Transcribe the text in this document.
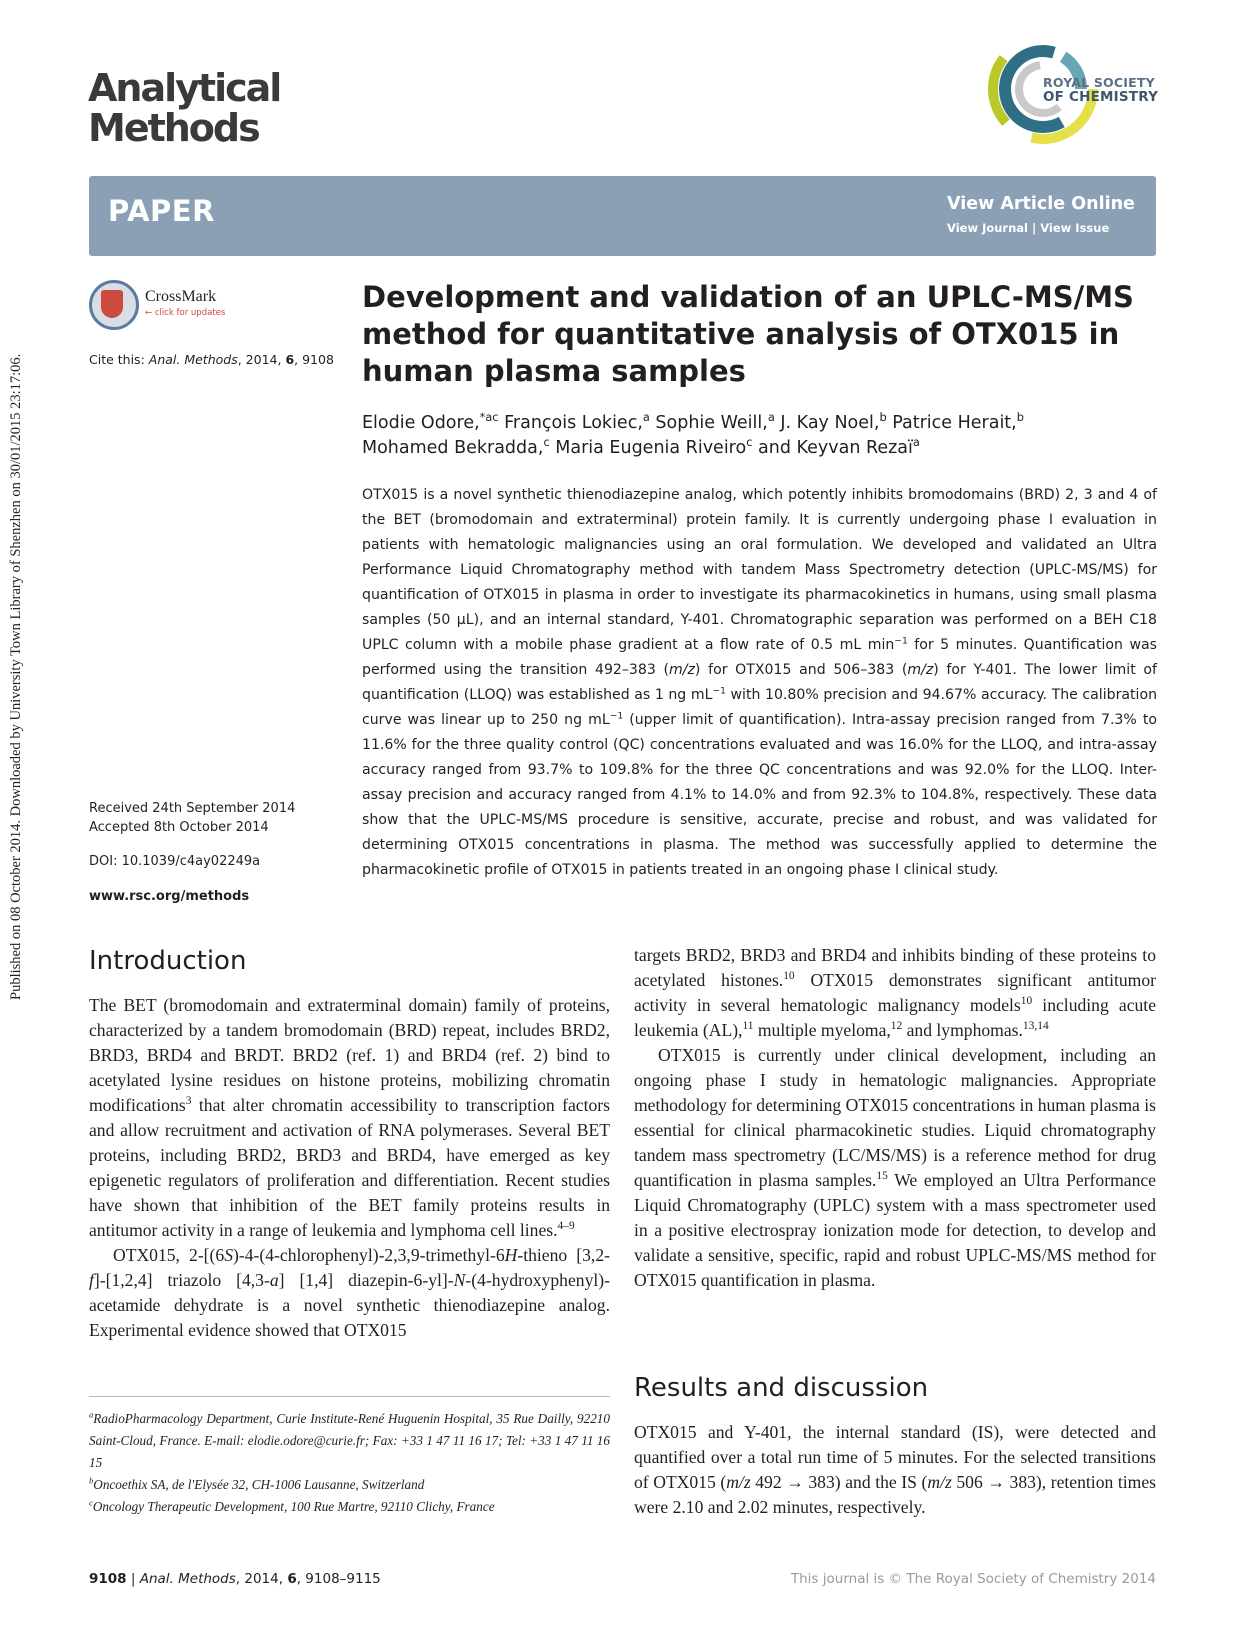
Published on 08 October 2014. Downloaded by University Town Library of Shenzhen on 30/01/2015 23:17:06.
Analytical
Methods
ROYAL SOCIETY
OF CHEMISTRY
PAPER	View Article Online
View Journal | View Issue
CrossMark
← click for updates
Cite this: Anal. Methods, 2014, 6, 9108
Development and validation of an UPLC-MS/MS method for quantitative analysis of OTX015 in human plasma samples
Elodie Odore,$^{*ac}$ François Lokiec,$^a$ Sophie Weill,$^a$ J. Kay Noel,$^b$ Patrice Herait,$^b$
Mohamed Bekradda,$^c$ Maria Eugenia Riveiro$^c$ and Keyvan Rezaï$^a$
OTX015 is a novel synthetic thienodiazepine analog, which potently inhibits bromodomains (BRD) 2, 3 and 4 of the BET (bromodomain and extraterminal) protein family. It is currently undergoing phase I evaluation in patients with hematologic malignancies using an oral formulation. We developed and validated an Ultra Performance Liquid Chromatography method with tandem Mass Spectrometry detection (UPLC-MS/MS) for quantification of OTX015 in plasma in order to investigate its pharmacokinetics in humans, using small plasma samples (50 μL), and an internal standard, Y-401. Chromatographic separation was performed on a BEH C18 UPLC column with a mobile phase gradient at a flow rate of 0.5 mL $\min^{-1}$ for 5 minutes. Quantification was performed using the transition 492–383 (m/z) for OTX015 and 506–383 (m/z) for Y-401. The lower limit of quantification (LLOQ) was established as 1 ng $mL^{-1}$ with 10.80% precision and 94.67% accuracy. The calibration curve was linear up to 250 ng $mL^{-1}$ (upper limit of quantification). Intra-assay precision ranged from 7.3% to 11.6% for the three quality control (QC) concentrations evaluated and was 16.0% for the LLOQ, and intra-assay accuracy ranged from 93.7% to 109.8% for the three QC concentrations and was 92.0% for the LLOQ. Inter-assay precision and accuracy ranged from 4.1% to 14.0% and from 92.3% to 104.8%, respectively. These data show that the UPLC-MS/MS procedure is sensitive, accurate, precise and robust, and was validated for determining OTX015 concentrations in plasma. The method was successfully applied to determine the pharmacokinetic profile of OTX015 in patients treated in an ongoing phase I clinical study.
Received 24th September 2014
Accepted 8th October 2014
DOI: 10.1039/c4ay02249a
www.rsc.org/methods
Introduction

The BET (bromodomain and extraterminal domain) family of proteins, characterized by a tandem bromodomain (BRD) repeat, includes BRD2, BRD3, BRD4 and BRDT. BRD2 (ref. 1) and BRD4 (ref. 2) bind to acetylated lysine residues on histone proteins, mobilizing chromatin modifications$^3$ that alter chromatin accessibility to transcription factors and allow recruitment and activation of RNA polymerases. Several BET proteins, including BRD2, BRD3 and BRD4, have emerged as key epigenetic regulators of proliferation and differentiation. Recent studies have shown that inhibition of the BET family proteins results in antitumor activity in a range of leukemia and lymphoma cell lines.$^{4-9}$

OTX015, 2-[(6S)-4-(4-chlorophenyl)-2,3,9-trimethyl-6H-thieno [3,2-f]-[1,2,4] triazolo [4,3-a] [1,4] diazepin-6-yl]-N-(4-hydroxyphenyl)-acetamide dehydrate is a novel synthetic thienodiazepine analog. Experimental evidence showed that OTX015

targets BRD2, BRD3 and BRD4 and inhibits binding of these proteins to acetylated histones.$^{10}$ OTX015 demonstrates significant antitumor activity in several hematologic malignancy models$^{10}$ including acute leukemia (AL),$^{11}$ multiple myeloma,$^{12}$ and lymphomas.$^{13,14}$

OTX015 is currently under clinical development, including an ongoing phase I study in hematologic malignancies. Appropriate methodology for determining OTX015 concentrations in human plasma is essential for clinical pharmacokinetic studies. Liquid chromatography tandem mass spectrometry (LC/MS/MS) is a reference method for drug quantification in plasma samples.$^{15}$ We employed an Ultra Performance Liquid Chromatography (UPLC) system with a mass spectrometer used in a positive electrospray ionization mode for detection, to develop and validate a sensitive, specific, rapid and robust UPLC-MS/MS method for OTX015 quantification in plasma.

Results and discussion

OTX015 and Y-401, the internal standard (IS), were detected and quantified over a total run time of 5 minutes. For the selected transitions of OTX015 (m/z 492 → 383) and the IS (m/z 506 → 383), retention times were 2.10 and 2.02 minutes, respectively.

$^a$RadioPharmacology Department, Curie Institute-René Huguenin Hospital, 35 Rue Dailly, 92210 Saint-Cloud, France. E-mail: elodie.odore@curie.fr; Fax: +33 1 47 11 16 17; Tel: +33 1 47 11 16 15

$^b$Oncoethix SA, de l'Elysée 32, CH-1006 Lausanne, Switzerland

$^c$Oncology Therapeutic Development, 100 Rue Martre, 92110 Clichy, France

9108 | Anal. Methods, 2014, 6, 9108–9115	This journal is © The Royal Society of Chemistry 2014
